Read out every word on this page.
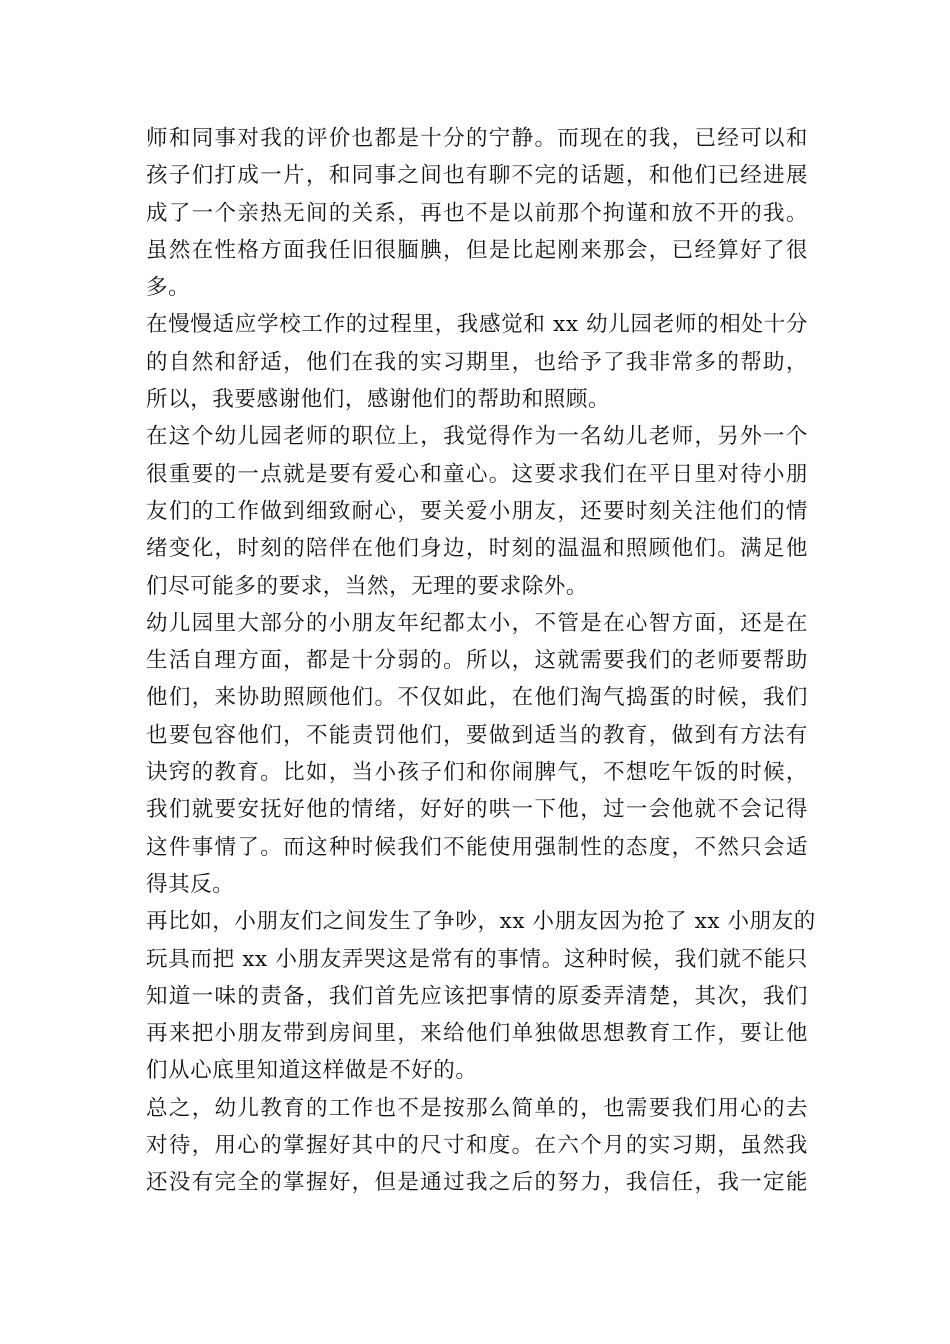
师和同事对我的评价也都是十分的宁静。而现在的我，已经可以和
孩子们打成一片，和同事之间也有聊不完的话题，和他们已经进展
成了一个亲热无间的关系，再也不是以前那个拘谨和放不开的我。
虽然在性格方面我任旧很腼腆，但是比起刚来那会，已经算好了很
多。
在慢慢适应学校工作的过程里，我感觉和 xx 幼儿园老师的相处十分
的自然和舒适，他们在我的实习期里，也给予了我非常多的帮助，
所以，我要感谢他们，感谢他们的帮助和照顾。
在这个幼儿园老师的职位上，我觉得作为一名幼儿老师，另外一个
很重要的一点就是要有爱心和童心。这要求我们在平日里对待小朋
友们的工作做到细致耐心，要关爱小朋友，还要时刻关注他们的情
绪变化，时刻的陪伴在他们身边，时刻的温温和照顾他们。满足他
们尽可能多的要求，当然，无理的要求除外。
幼儿园里大部分的小朋友年纪都太小，不管是在心智方面，还是在
生活自理方面，都是十分弱的。所以，这就需要我们的老师要帮助
他们，来协助照顾他们。不仅如此，在他们淘气捣蛋的时候，我们
也要包容他们，不能责罚他们，要做到适当的教育，做到有方法有
诀窍的教育。比如，当小孩子们和你闹脾气，不想吃午饭的时候，
我们就要安抚好他的情绪，好好的哄一下他，过一会他就不会记得
这件事情了。而这种时候我们不能使用强制性的态度，不然只会适
得其反。
再比如，小朋友们之间发生了争吵，xx 小朋友因为抢了 xx 小朋友的
玩具而把 xx 小朋友弄哭这是常有的事情。这种时候，我们就不能只
知道一味的责备，我们首先应该把事情的原委弄清楚，其次，我们
再来把小朋友带到房间里，来给他们单独做思想教育工作，要让他
们从心底里知道这样做是不好的。
总之，幼儿教育的工作也不是按那么简单的，也需要我们用心的去
对待，用心的掌握好其中的尺寸和度。在六个月的实习期，虽然我
还没有完全的掌握好，但是通过我之后的努力，我信任，我一定能
